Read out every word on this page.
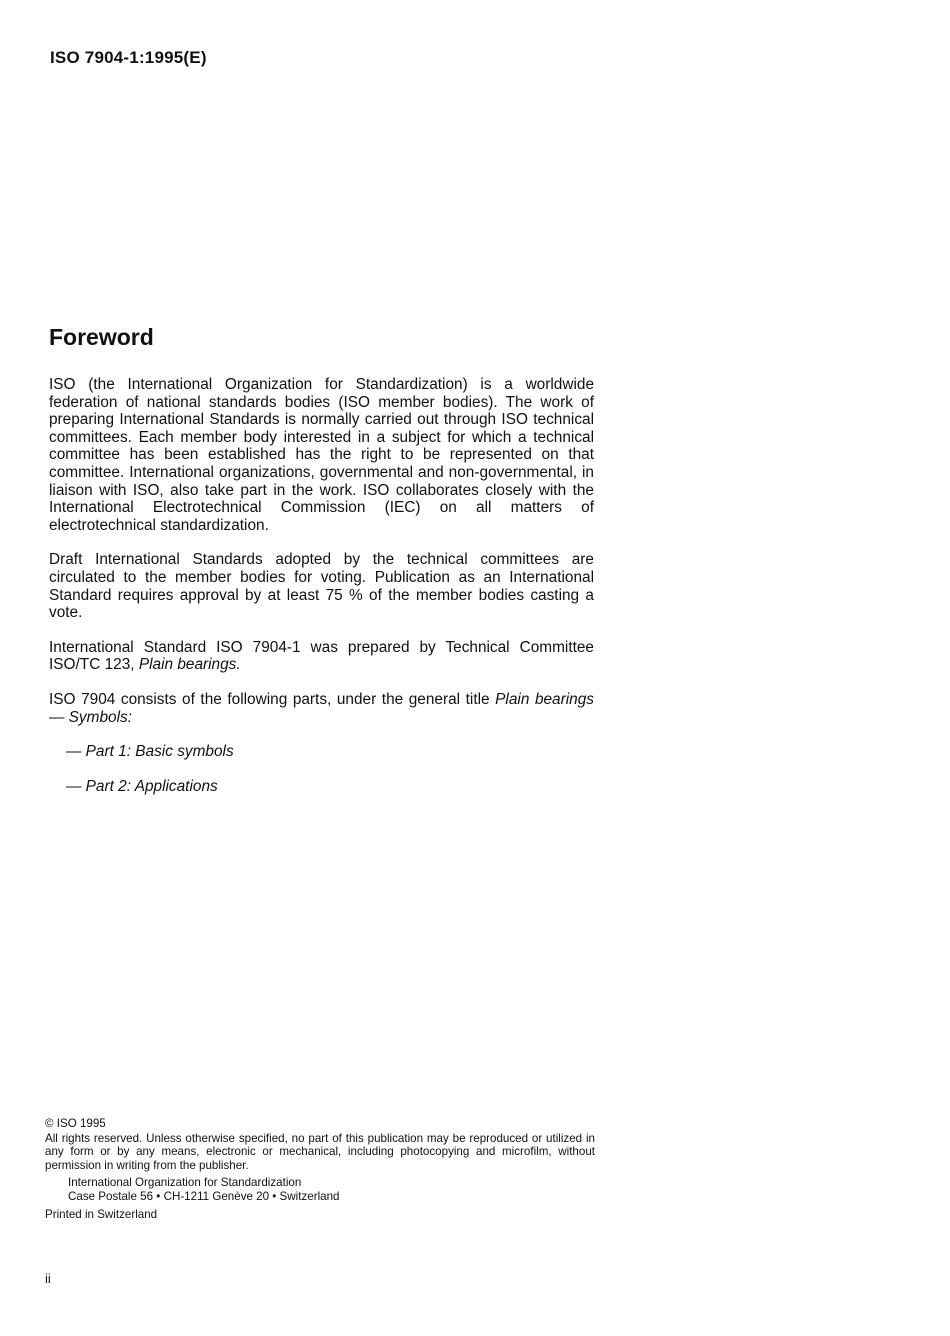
ISO 7904-1:1995(E)
Foreword

ISO (the International Organization for Standardization) is a worldwide federation of national standards bodies (ISO member bodies). The work of preparing International Standards is normally carried out through ISO technical committees. Each member body interested in a subject for which a technical committee has been established has the right to be represented on that committee. International organizations, governmental and non-governmental, in liaison with ISO, also take part in the work. ISO collaborates closely with the International Electrotechnical Commission (IEC) on all matters of electrotechnical standardization.

Draft International Standards adopted by the technical committees are circulated to the member bodies for voting. Publication as an International Standard requires approval by at least 75 % of the member bodies casting a vote.

International Standard ISO 7904-1 was prepared by Technical Committee ISO/TC 123, Plain bearings.

ISO 7904 consists of the following parts, under the general title Plain bearings — Symbols:

— Part 1: Basic symbols
— Part 2: Applications

© ISO 1995

All rights reserved. Unless otherwise specified, no part of this publication may be reproduced or utilized in any form or by any means, electronic or mechanical, including photocopying and microfilm, without permission in writing from the publisher.

International Organization for Standardization

Case Postale 56 • CH-1211 Genève 20 • Switzerland

Printed in Switzerland

ii
